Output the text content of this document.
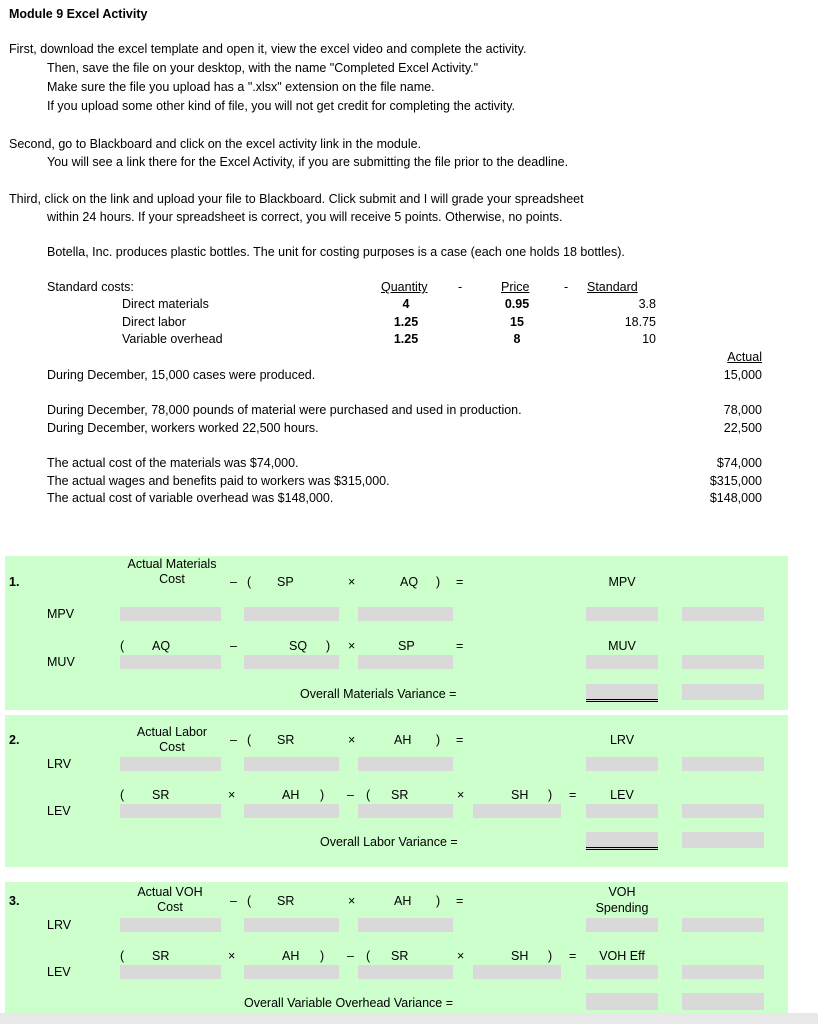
Module 9 Excel Activity
First, download the excel template and open it, view the excel video and complete the activity.
Then, save the file on your desktop, with the name "Completed Excel Activity."
Make sure the file you upload has a ".xlsx" extension on the file name.
If you upload some other kind of file, you will not get credit for completing the activity.
Second, go to Blackboard and click on the excel activity link in the module.
You will see a link there for the Excel Activity, if you are submitting the file prior to the deadline.
Third, click on the link and upload your file to Blackboard. Click submit and I will grade your spreadsheet
within 24 hours. If your spreadsheet is correct, you will receive 5 points. Otherwise, no points.
Botella, Inc. produces plastic bottles. The unit for costing purposes is a case (each one holds 18 bottles).
Standard costs:	Quantity -	Price	- Standard
Direct materials	4	0.95	3.8
Direct labor	1.25	15	18.75
Variable overhead	1.25	8	10
Actual
During December, 15,000 cases were produced.	15,000
During December, 78,000 pounds of material were purchased and used in production.	78,000
During December, workers worked 22,500 hours.	22,500
The actual cost of the materials was $74,000.	$74,000
The actual wages and benefits paid to workers was $315,000.	$315,000
The actual cost of variable overhead was $148,000.	$148,000
1.
Actual Materials
Cost	– ( SP	×	AQ ) =	MPV
MPV
( AQ	–	SQ ) ×	SP	=	MUV
MUV
Overall Materials Variance =
2.
Actual Labor
Cost	– ( SR	×	AH ) =	LRV
LRV
( SR	×	AH ) – ( SR	×	SH ) =	LEV
LEV
Overall Labor Variance =
3.
Actual VOH
Cost	– ( SR	×	AH ) =
VOH
Spending
LRV
( SR	×	AH ) – ( SR	×	SH ) =	VOH Eff
LEV
Overall Variable Overhead Variance =
